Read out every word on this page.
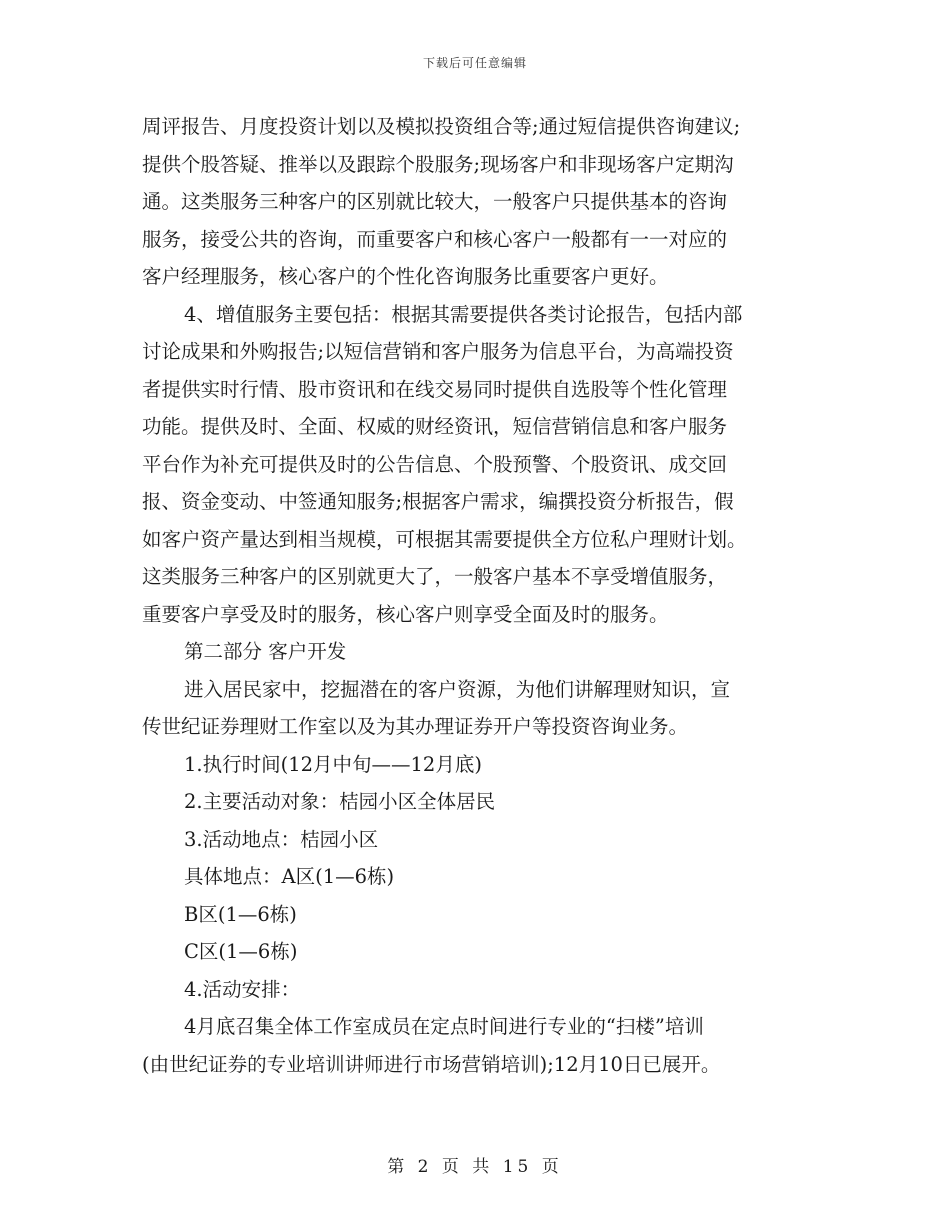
下载后可任意编辑
周评报告、月度投资计划以及模拟投资组合等;通过短信提供咨询建议;
提供个股答疑、推举以及跟踪个股服务;现场客户和非现场客户定期沟
通。这类服务三种客户的区别就比较大，一般客户只提供基本的咨询
服务，接受公共的咨询，而重要客户和核心客户一般都有一一对应的
客户经理服务，核心客户的个性化咨询服务比重要客户更好。
4、增值服务主要包括：根据其需要提供各类讨论报告，包括内部
讨论成果和外购报告;以短信营销和客户服务为信息平台，为高端投资
者提供实时行情、股市资讯和在线交易同时提供自选股等个性化管理
功能。提供及时、全面、权威的财经资讯，短信营销信息和客户服务
平台作为补充可提供及时的公告信息、个股预警、个股资讯、成交回
报、资金变动、中签通知服务;根据客户需求，编撰投资分析报告，假
如客户资产量达到相当规模，可根据其需要提供全方位私户理财计划。
这类服务三种客户的区别就更大了，一般客户基本不享受增值服务，
重要客户享受及时的服务，核心客户则享受全面及时的服务。
第二部分 客户开发
进入居民家中，挖掘潜在的客户资源，为他们讲解理财知识，宣
传世纪证券理财工作室以及为其办理证券开户等投资咨询业务。
1.执行时间(12月中旬——12月底)
2.主要活动对象：桔园小区全体居民
3.活动地点：桔园小区
具体地点：A区(1—6栋)
B区(1—6栋)
C区(1—6栋)
4.活动安排：
4月底召集全体工作室成员在定点时间进行专业的“扫楼”培训
(由世纪证券的专业培训讲师进行市场营销培训);12月10日已展开。
第 2 页 共 15 页
